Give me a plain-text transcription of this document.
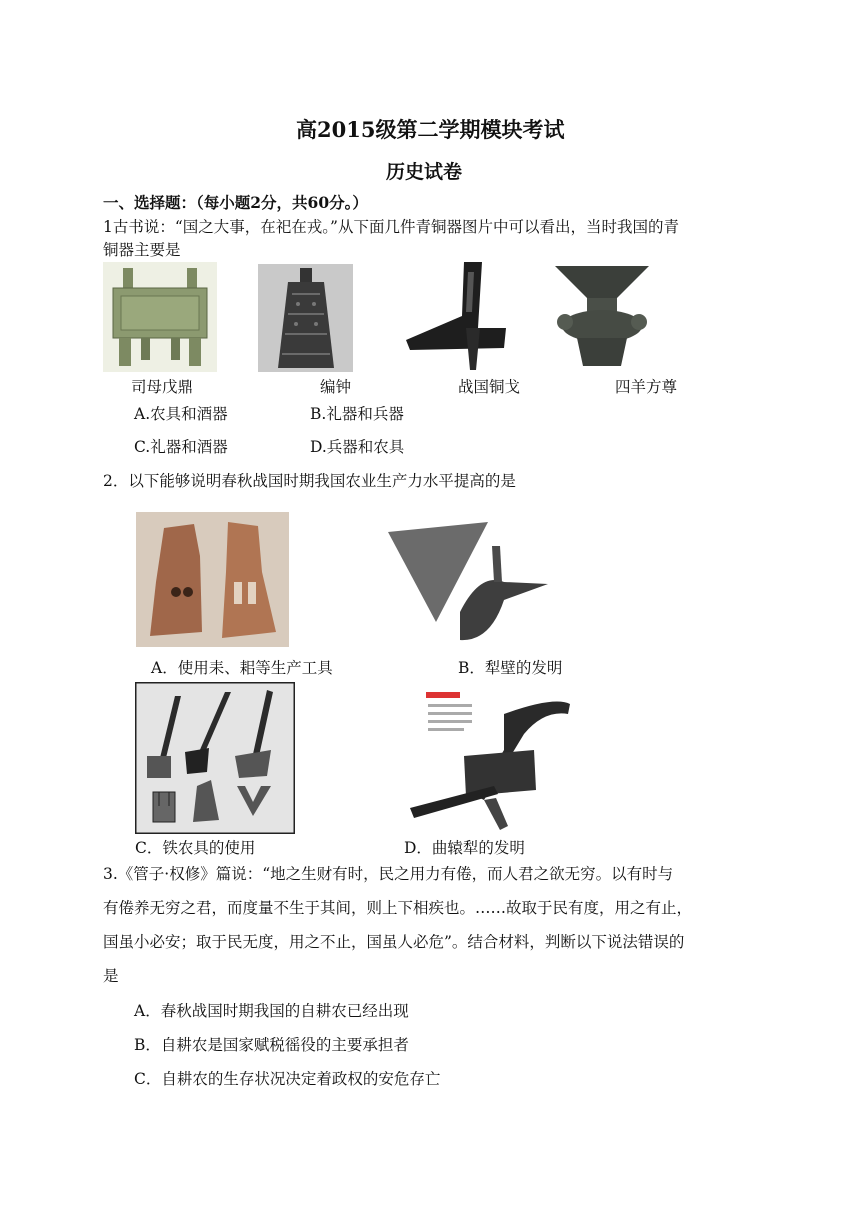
高2015级第二学期模块考试
历史试卷
一、选择题：（每小题2分，共60分。）
1古书说：“国之大事，在祀在戎。”从下面几件青铜器图片中可以看出，当时我国的青
铜器主要是
司母戊鼎	编钟	战国铜戈	四羊方尊
A.农具和酒器	B.礼器和兵器
C.礼器和酒器	D.兵器和农具
2．以下能够说明春秋战国时期我国农业生产力水平提高的是
A．使用耒、耜等生产工具	B．犁壁的发明
C．铁农具的使用	D．曲辕犁的发明
3.《管子·权修》篇说：“地之生财有时，民之用力有倦，而人君之欲无穷。以有时与
有倦养无穷之君，而度量不生于其间，则上下相疾也。……故取于民有度，用之有止，
国虽小必安；取于民无度，用之不止，国虽人必危”。结合材料，判断以下说法错误的
是
A．春秋战国时期我国的自耕农已经出现
B．自耕农是国家赋税徭役的主要承担者
C．自耕农的生存状况决定着政权的安危存亡
